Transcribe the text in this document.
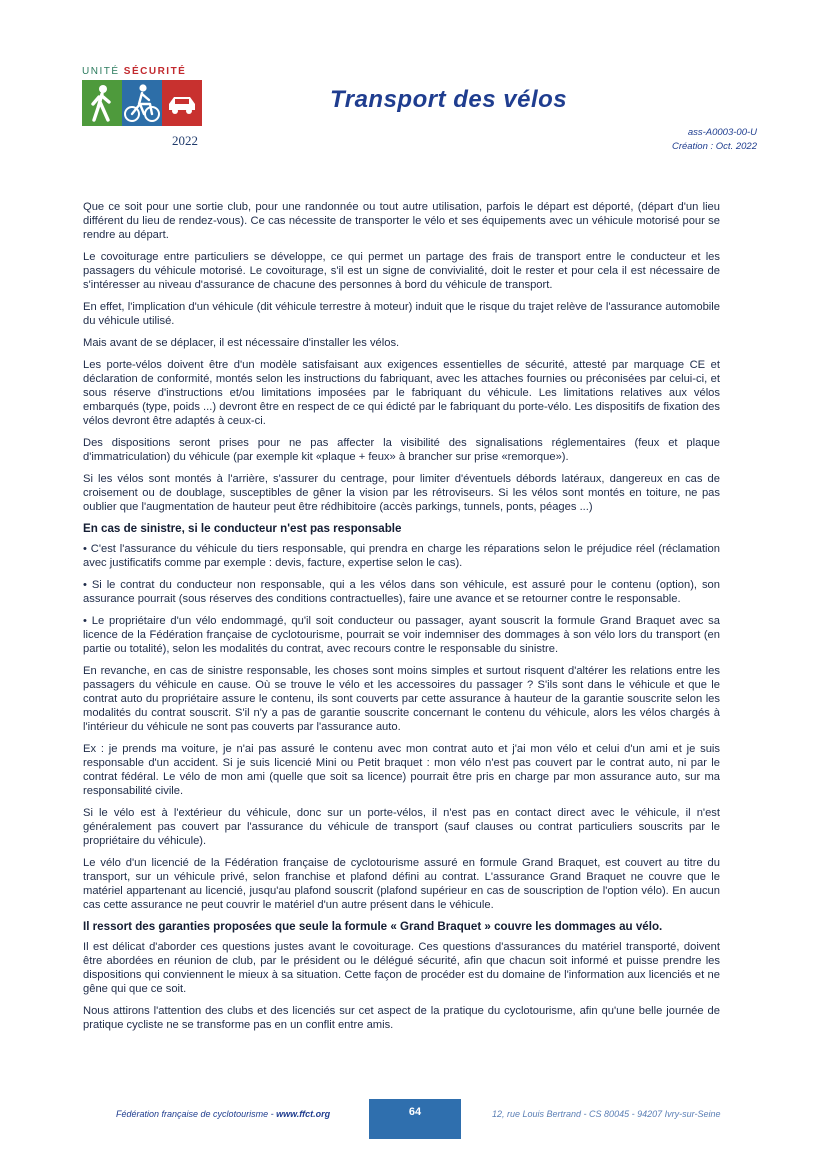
UNITÉ SÉCURITÉ
2022
Transport des vélos
ass-A0003-00-U
Création : Oct. 2022

Que ce soit pour une sortie club, pour une randonnée ou tout autre utilisation, parfois le départ est déporté, (départ d'un lieu différent du lieu de rendez-vous). Ce cas nécessite de transporter le vélo et ses équipements avec un véhicule motorisé pour se rendre au départ.

Le covoiturage entre particuliers se développe, ce qui permet un partage des frais de transport entre le conducteur et les passagers du véhicule motorisé. Le covoiturage, s'il est un signe de convivialité, doit le rester et pour cela il est nécessaire de s'intéresser au niveau d'assurance de chacune des personnes à bord du véhicule de transport.

En effet, l'implication d'un véhicule (dit véhicule terrestre à moteur) induit que le risque du trajet relève de l'assurance automobile du véhicule utilisé.

Mais avant de se déplacer, il est nécessaire d'installer les vélos.

Les porte-vélos doivent être d'un modèle satisfaisant aux exigences essentielles de sécurité, attesté par marquage CE et déclaration de conformité, montés selon les instructions du fabriquant, avec les attaches fournies ou préconisées par celui-ci, et sous réserve d'instructions et/ou limitations imposées par le fabriquant du véhicule. Les limitations relatives aux vélos embarqués (type, poids ...) devront être en respect de ce qui édicté par le fabriquant du porte-vélo. Les dispositifs de fixation des vélos devront être adaptés à ceux-ci.

Des dispositions seront prises pour ne pas affecter la visibilité des signalisations réglementaires (feux et plaque d'immatriculation) du véhicule (par exemple kit «plaque + feux» à brancher sur prise «remorque»).

Si les vélos sont montés à l'arrière, s'assurer du centrage, pour limiter d'éventuels débords latéraux, dangereux en cas de croisement ou de doublage, susceptibles de gêner la vision par les rétroviseurs. Si les vélos sont montés en toiture, ne pas oublier que l'augmentation de hauteur peut être rédhibitoire (accès parkings, tunnels, ponts, péages ...)

En cas de sinistre, si le conducteur n'est pas responsable

• C'est l'assurance du véhicule du tiers responsable, qui prendra en charge les réparations selon le préjudice réel (réclamation avec justificatifs comme par exemple : devis, facture, expertise selon le cas).

• Si le contrat du conducteur non responsable, qui a les vélos dans son véhicule, est assuré pour le contenu (option), son assurance pourrait (sous réserves des conditions contractuelles), faire une avance et se retourner contre le responsable.

• Le propriétaire d'un vélo endommagé, qu'il soit conducteur ou passager, ayant souscrit la formule Grand Braquet avec sa licence de la Fédération française de cyclotourisme, pourrait se voir indemniser des dommages à son vélo lors du transport (en partie ou totalité), selon les modalités du contrat, avec recours contre le responsable du sinistre.

En revanche, en cas de sinistre responsable, les choses sont moins simples et surtout risquent d'altérer les relations entre les passagers du véhicule en cause. Où se trouve le vélo et les accessoires du passager ? S'ils sont dans le véhicule et que le contrat auto du propriétaire assure le contenu, ils sont couverts par cette assurance à hauteur de la garantie souscrite selon les modalités du contrat souscrit. S'il n'y a pas de garantie souscrite concernant le contenu du véhicule, alors les vélos chargés à l'intérieur du véhicule ne sont pas couverts par l'assurance auto.

Ex : je prends ma voiture, je n'ai pas assuré le contenu avec mon contrat auto et j'ai mon vélo et celui d'un ami et je suis responsable d'un accident. Si je suis licencié Mini ou Petit braquet : mon vélo n'est pas couvert par le contrat auto, ni par le contrat fédéral. Le vélo de mon ami (quelle que soit sa licence) pourrait être pris en charge par mon assurance auto, sur ma responsabilité civile.

Si le vélo est à l'extérieur du véhicule, donc sur un porte-vélos, il n'est pas en contact direct avec le véhicule, il n'est généralement pas couvert par l'assurance du véhicule de transport (sauf clauses ou contrat particuliers souscrits par le propriétaire du véhicule).

Le vélo d'un licencié de la Fédération française de cyclotourisme assuré en formule Grand Braquet, est couvert au titre du transport, sur un véhicule privé, selon franchise et plafond défini au contrat. L'assurance Grand Braquet ne couvre que le matériel appartenant au licencié, jusqu'au plafond souscrit (plafond supérieur en cas de souscription de l'option vélo). En aucun cas cette assurance ne peut couvrir le matériel d'un autre présent dans le véhicule.

Il ressort des garanties proposées que seule la formule « Grand Braquet » couvre les dommages au vélo.

Il est délicat d'aborder ces questions justes avant le covoiturage. Ces questions d'assurances du matériel transporté, doivent être abordées en réunion de club, par le président ou le délégué sécurité, afin que chacun soit informé et puisse prendre les dispositions qui conviennent le mieux à sa situation. Cette façon de procéder est du domaine de l'information aux licenciés et ne gêne qui que ce soit.

Nous attirons l'attention des clubs et des licenciés sur cet aspect de la pratique du cyclotourisme, afin qu'une belle journée de pratique cycliste ne se transforme pas en un conflit entre amis.

Fédération française de cyclotourisme - www.ffct.org	64	12, rue Louis Bertrand - CS 80045 - 94207 Ivry-sur-Seine
